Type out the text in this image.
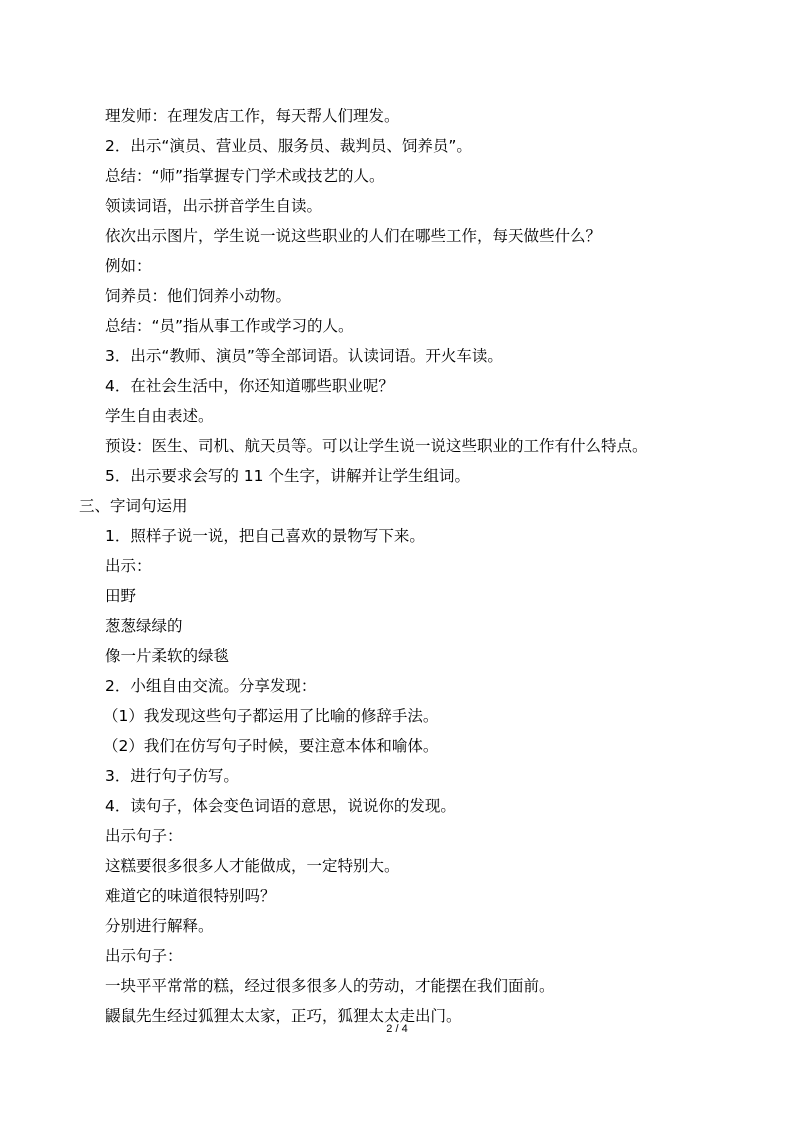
理发师：在理发店工作，每天帮人们理发。
2．出示“演员、营业员、服务员、裁判员、饲养员”。
总结：“师”指掌握专门学术或技艺的人。
领读词语，出示拼音学生自读。
依次出示图片，学生说一说这些职业的人们在哪些工作，每天做些什么？
例如：
饲养员：他们饲养小动物。
总结：“员”指从事工作或学习的人。
3．出示“教师、演员”等全部词语。认读词语。开火车读。
4．在社会生活中，你还知道哪些职业呢？
学生自由表述。
预设：医生、司机、航天员等。可以让学生说一说这些职业的工作有什么特点。
5．出示要求会写的 11 个生字，讲解并让学生组词。
三、字词句运用
1．照样子说一说，把自己喜欢的景物写下来。
出示：
田野
葱葱绿绿的
像一片柔软的绿毯
2．小组自由交流。分享发现：
（1）我发现这些句子都运用了比喻的修辞手法。
（2）我们在仿写句子时候，要注意本体和喻体。
3．进行句子仿写。
4．读句子，体会变色词语的意思，说说你的发现。
出示句子：
这糕要很多很多人才能做成，一定特别大。
难道它的味道很特别吗？
分别进行解释。
出示句子：
一块平平常常的糕，经过很多很多人的劳动，才能摆在我们面前。
鼹鼠先生经过狐狸太太家，正巧，狐狸太太走出门。
2 / 4
